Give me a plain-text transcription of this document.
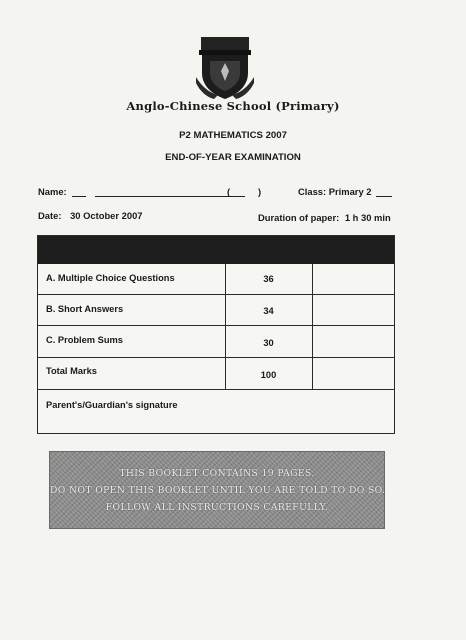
Anglo-Chinese School (Primary)
P2 MATHEMATICS 2007
END-OF-YEAR EXAMINATION
Name:	(	)	Class: Primary 2
Date: 30 October 2007	Duration of paper: 1 h 30 min
A. Multiple Choice Questions	36
B. Short Answers	34
C. Problem Sums	30
Total Marks	100
Parent's/Guardian's signature
THIS BOOKLET CONTAINS 19 PAGES.
DO NOT OPEN THIS BOOKLET UNTIL YOU ARE TOLD TO DO SO.
FOLLOW ALL INSTRUCTIONS CAREFULLY.
